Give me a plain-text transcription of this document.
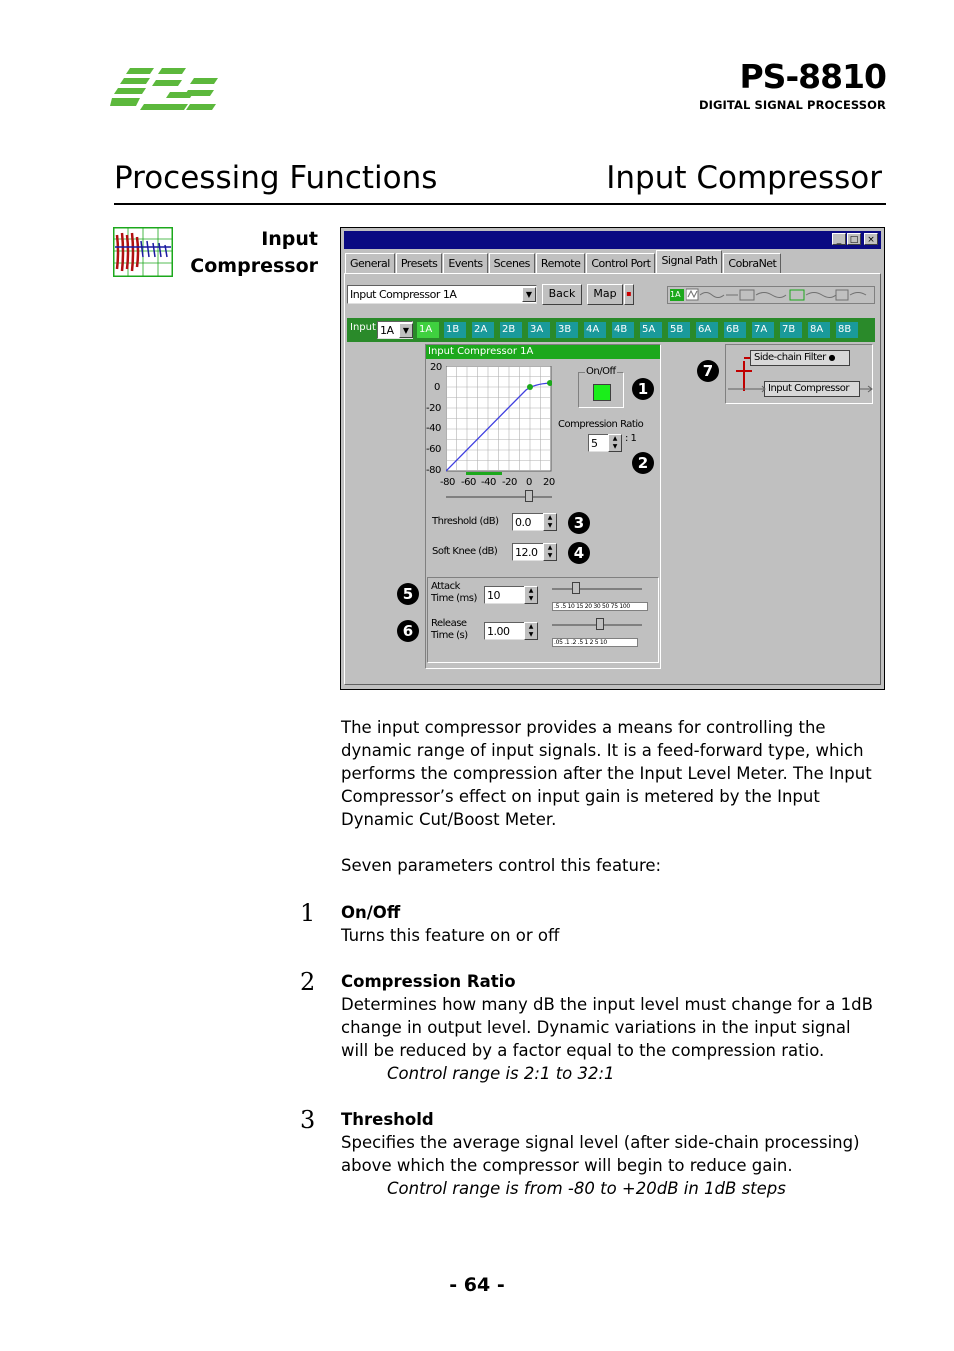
PS-8810
DIGITAL SIGNAL PROCESSOR
Processing Functions	Input Compressor
Input
Compressor
_ □ ×
General	Presets	Events	Scenes	Remote	Control Port	Signal Path	CobraNet
Input Compressor 1A	▼	Back	Map	▪	1A
Input 1A	▼ 1A	1B	2A	2B	3A	3B	4A	4B	5A	5B	6A	6B	7A	7B	8A	8B
Input Compressor 1A
20
0
-20
-40
-60
-80
-80 -60 -40 -20 0 20
On/Off
1
Compression Ratio
5	▲
▼
: 1
2
Threshold (dB) 0.0	▲
▼	3
Soft Knee (dB) 12.0	▲
▼	4
Attack
Time (ms) 10	▲
▼
.5 .5 10 15 20 30 50 75 100
Release
Time (s) 1.00	▲
▼
.05 .1 .2 .5 1 2 5 10
5
6
7
Side-chain Filter ●
Input Compressor
The input compressor provides a means for controlling the
dynamic range of input signals. It is a feed-forward type, which
performs the compression after the Input Level Meter. The Input
Compressor’s effect on input gain is metered by the Input
Dynamic Cut/Boost Meter.
Seven parameters control this feature:
1	On/Off
Turns this feature on or off
2	Compression Ratio
Determines how many dB the input level must change for a 1dB
change in output level. Dynamic variations in the input signal
will be reduced by a factor equal to the compression ratio.
Control range is 2:1 to 32:1
3	Threshold
Specifies the average signal level (after side-chain processing)
above which the compressor will begin to reduce gain.
Control range is from -80 to +20dB in 1dB steps
- 64 -
